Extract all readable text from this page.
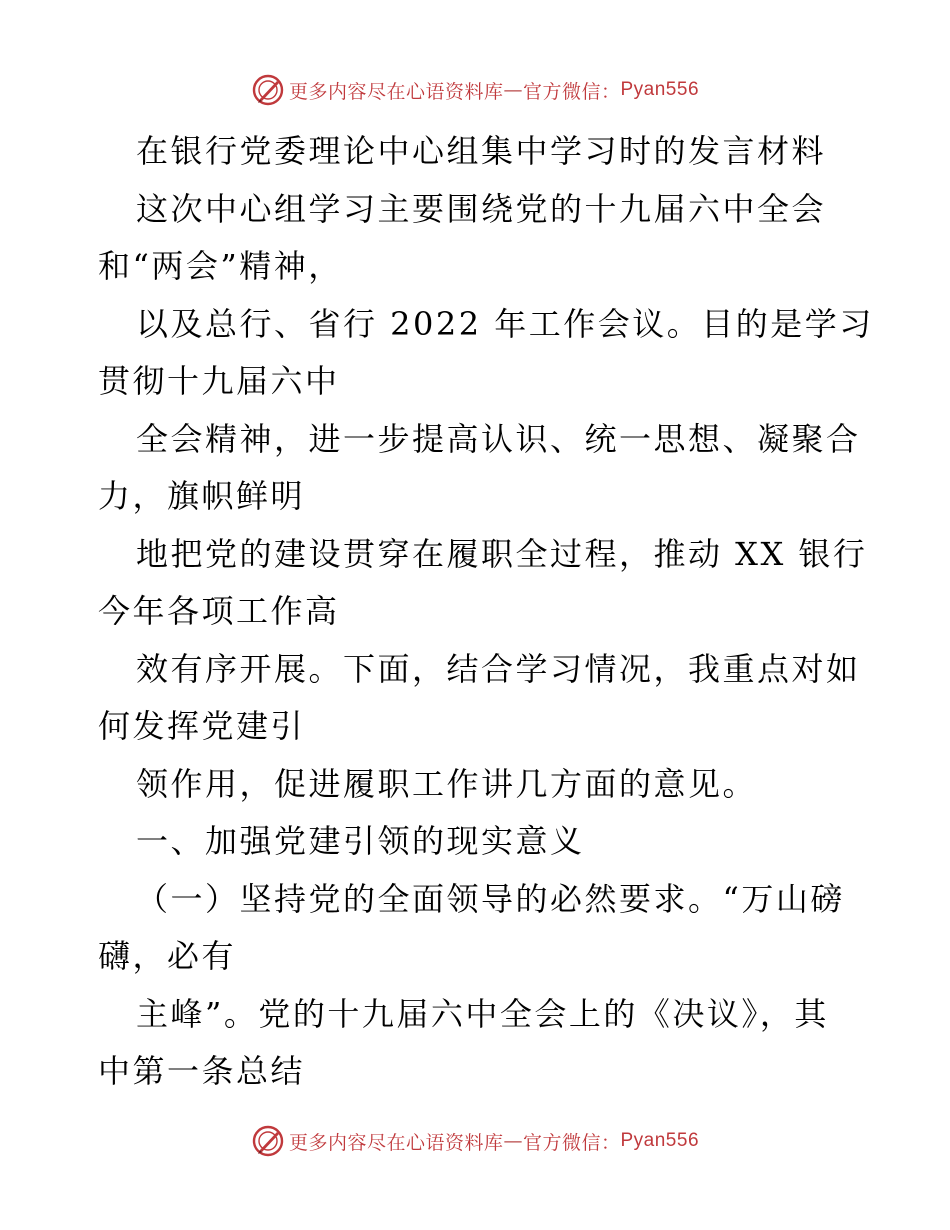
更多内容尽在心语资料库 — 官方微信： Pyan556
在银行党委理论中心组集中学习时的发言材料
这次中心组学习主要围绕党的十九届六中全会
和“两会”精神，
以及总行、省行 2022 年工作会议。目的是学习
贯彻十九届六中
全会精神，进一步提高认识、统一思想、凝聚合
力，旗帜鲜明
地把党的建设贯穿在履职全过程，推动 XX 银行
今年各项工作高
效有序开展。下面，结合学习情况，我重点对如
何发挥党建引
领作用，促进履职工作讲几方面的意见。
一、加强党建引领的现实意义
（一）坚持党的全面领导的必然要求。“万山磅
礴，必有
主峰”。党的十九届六中全会上的《决议》，其
中第一条总结
更多内容尽在心语资料库 — 官方微信： Pyan556
